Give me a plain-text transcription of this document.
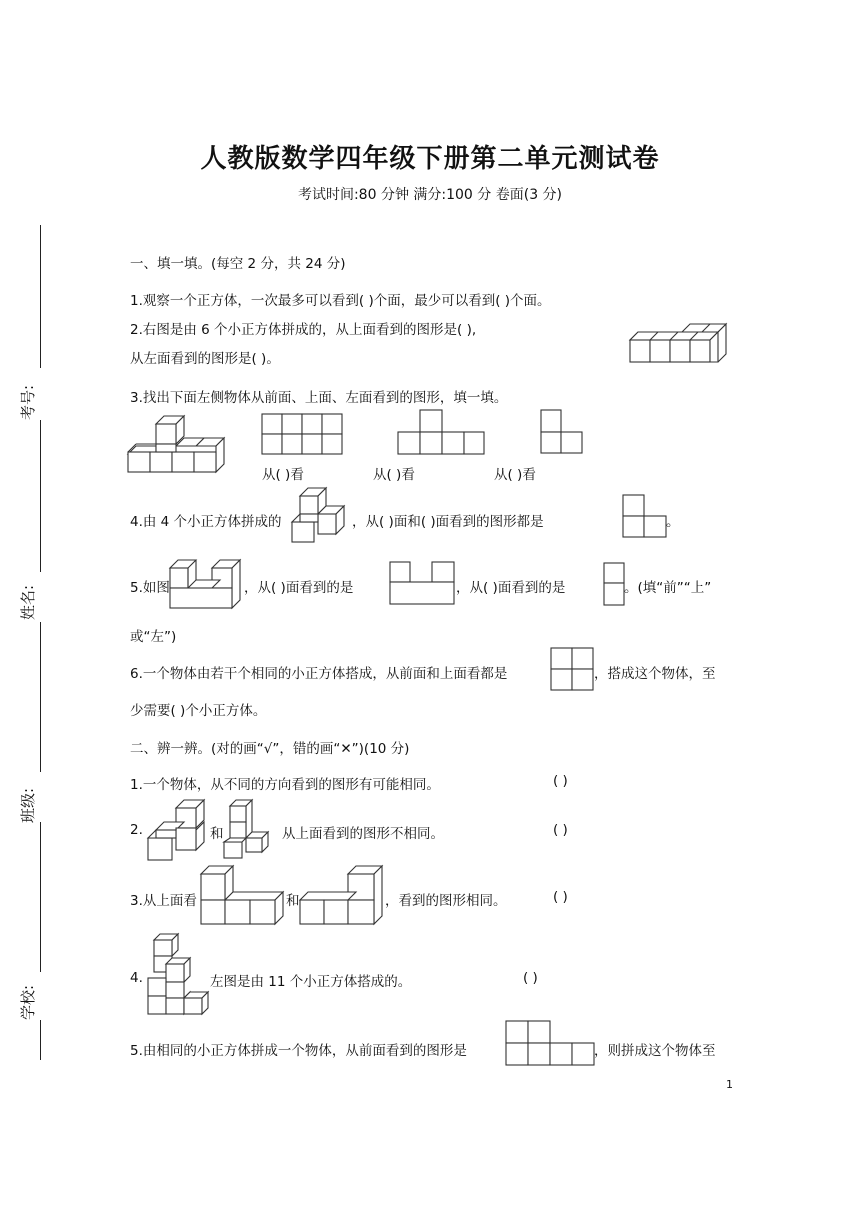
人教版数学四年级下册第二单元测试卷
考试时间:80 分钟 满分:100 分 卷面(3 分)
考号:
姓名:
班级:
学校:
一、填一填。(每空 2 分，共 24 分)
1.观察一个正方体，一次最多可以看到( )个面，最少可以看到( )个面。
2.右图是由 6 个小正方体拼成的，从上面看到的图形是( ),
从左面看到的图形是( )。
3.找出下面左侧物体从前面、上面、左面看到的图形，填一填。
从( )看	从( )看	从( )看
4.由 4 个小正方体拼成的	，从( )面和( )面看到的图形都是	。
5.如图	，从( )面看到的是	，从( )面看到的是	。(填“前”“上”
或“左”)
6.一个物体由若干个相同的小正方体搭成，从前面和上面看都是	，搭成这个物体，至
少需要( )个小正方体。
二、辨一辨。(对的画“√”，错的画“✕”)(10 分)
1.一个物体，从不同的方向看到的图形有可能相同。	( )
2.	和	从上面看到的图形不相同。	( )
3.从上面看	和	，看到的图形相同。	( )
4.	左图是由 11 个小正方体搭成的。	( )
5.由相同的小正方体拼成一个物体，从前面看到的图形是	，则拼成这个物体至
1
